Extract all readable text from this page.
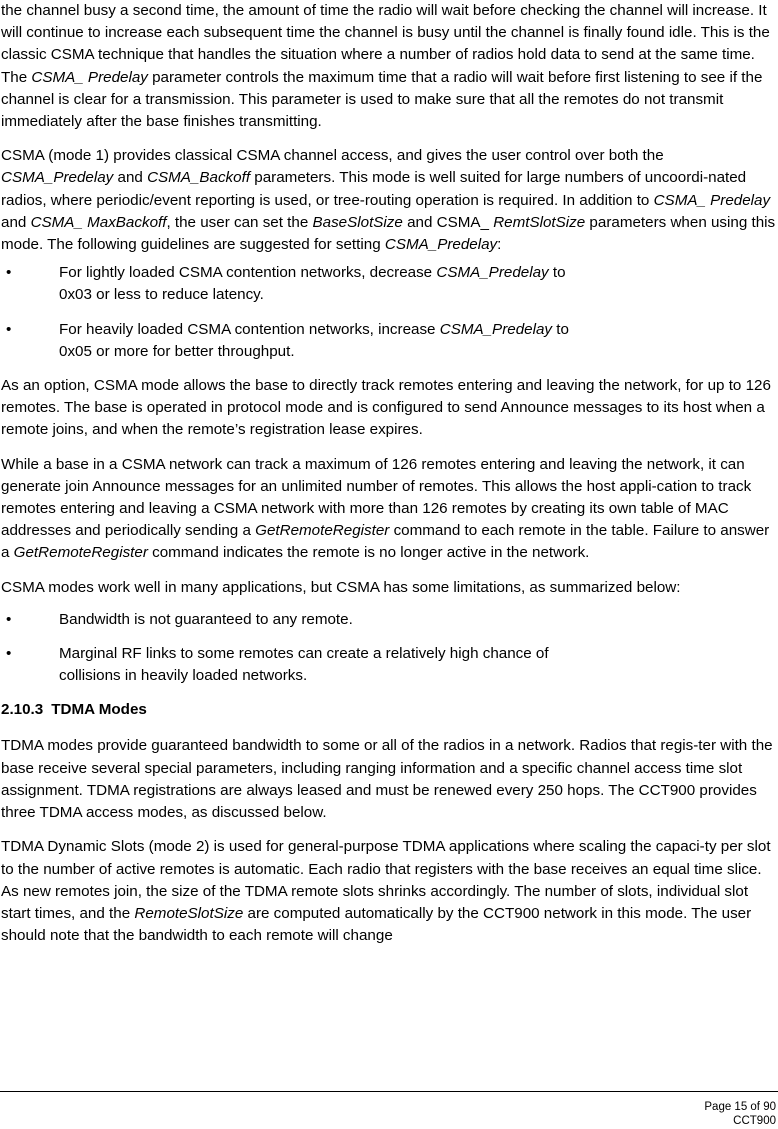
the channel busy a second time, the amount of time the radio will wait before checking the channel will increase. It will continue to increase each subsequent time the channel is busy until the channel is finally found idle. This is the classic CSMA technique that handles the situation where a number of radios hold data to send at the same time. The CSMA_ Predelay parameter controls the maximum time that a radio will wait before first listening to see if the channel is clear for a transmission. This parameter is used to make sure that all the remotes do not transmit immediately after the base finishes transmitting.

CSMA (mode 1) provides classical CSMA channel access, and gives the user control over both the CSMA_Predelay and CSMA_Backoff parameters. This mode is well suited for large numbers of uncoordi-nated radios, where periodic/event reporting is used, or tree-routing operation is required. In addition to CSMA_ Predelay and CSMA_ MaxBackoff, the user can set the BaseSlotSize and CSMA_ RemtSlotSize parameters when using this mode. The following guidelines are suggested for setting CSMA_Predelay:

•	For lightly loaded CSMA contention networks, decrease CSMA_Predelay to 0x03 or less to reduce latency.
•	For heavily loaded CSMA contention networks, increase CSMA_Predelay to 0x05 or more for better throughput.

As an option, CSMA mode allows the base to directly track remotes entering and leaving the network, for up to 126 remotes. The base is operated in protocol mode and is configured to send Announce messages to its host when a remote joins, and when the remote’s registration lease expires.

While a base in a CSMA network can track a maximum of 126 remotes entering and leaving the network, it can generate join Announce messages for an unlimited number of remotes. This allows the host appli-cation to track remotes entering and leaving a CSMA network with more than 126 remotes by creating its own table of MAC addresses and periodically sending a GetRemoteRegister command to each remote in the table. Failure to answer a GetRemoteRegister command indicates the remote is no longer active in the network.

CSMA modes work well in many applications, but CSMA has some limitations, as summarized below:

•	Bandwidth is not guaranteed to any remote.
•	Marginal RF links to some remotes can create a relatively high chance of collisions in heavily loaded networks.
2.10.3 TDMA Modes

TDMA modes provide guaranteed bandwidth to some or all of the radios in a network. Radios that regis-ter with the base receive several special parameters, including ranging information and a specific channel access time slot assignment. TDMA registrations are always leased and must be renewed every 250 hops. The CCT900 provides three TDMA access modes, as discussed below.

TDMA Dynamic Slots (mode 2) is used for general-purpose TDMA applications where scaling the capaci-ty per slot to the number of active remotes is automatic. Each radio that registers with the base receives an equal time slice. As new remotes join, the size of the TDMA remote slots shrinks accordingly. The number of slots, individual slot start times, and the RemoteSlotSize are computed automatically by the CCT900 network in this mode. The user should note that the bandwidth to each remote will change

Page 15 of 90
CCT900
